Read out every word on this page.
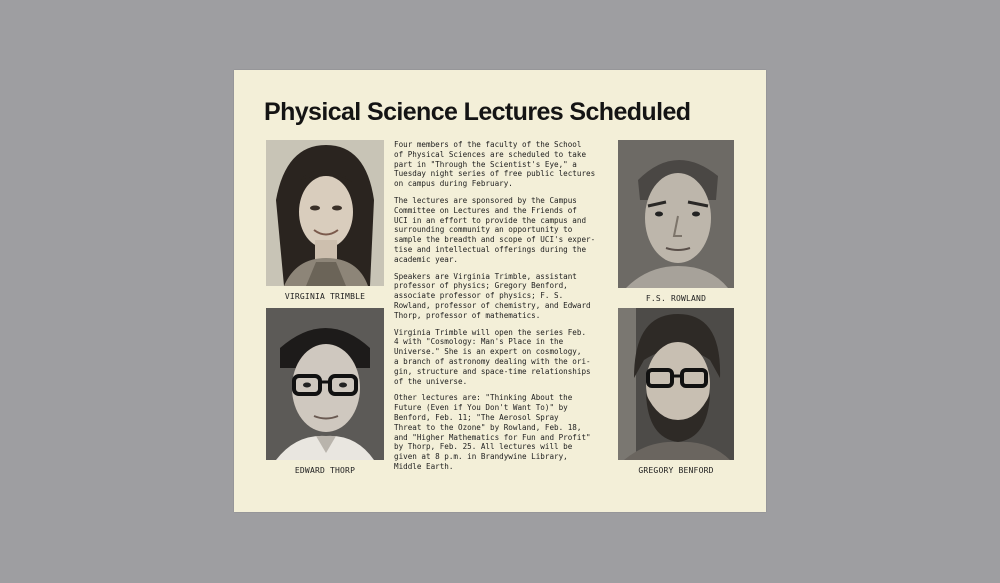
Physical Science Lectures Scheduled
VIRGINIA TRIMBLE
EDWARD THORP

Four members of the faculty of the School
of Physical Sciences are scheduled to take
part in "Through the Scientist's Eye," a
Tuesday night series of free public lectures
on campus during February.

The lectures are sponsored by the Campus
Committee on Lectures and the Friends of
UCI in an effort to provide the campus and
surrounding community an opportunity to
sample the breadth and scope of UCI's exper-
tise and intellectual offerings during the
academic year.

Speakers are Virginia Trimble, assistant
professor of physics; Gregory Benford,
associate professor of physics; F. S.
Rowland, professor of chemistry, and Edward
Thorp, professor of mathematics.

Virginia Trimble will open the series Feb.
4 with "Cosmology: Man's Place in the
Universe." She is an expert on cosmology,
a branch of astronomy dealing with the ori-
gin, structure and space-time relationships
of the universe.

Other lectures are: "Thinking About the
Future (Even if You Don't Want To)" by
Benford, Feb. 11; "The Aerosol Spray
Threat to the Ozone" by Rowland, Feb. 18,
and "Higher Mathematics for Fun and Profit"
by Thorp, Feb. 25. All lectures will be
given at 8 p.m. in Brandywine Library,
Middle Earth.

F.S. ROWLAND
GREGORY BENFORD
